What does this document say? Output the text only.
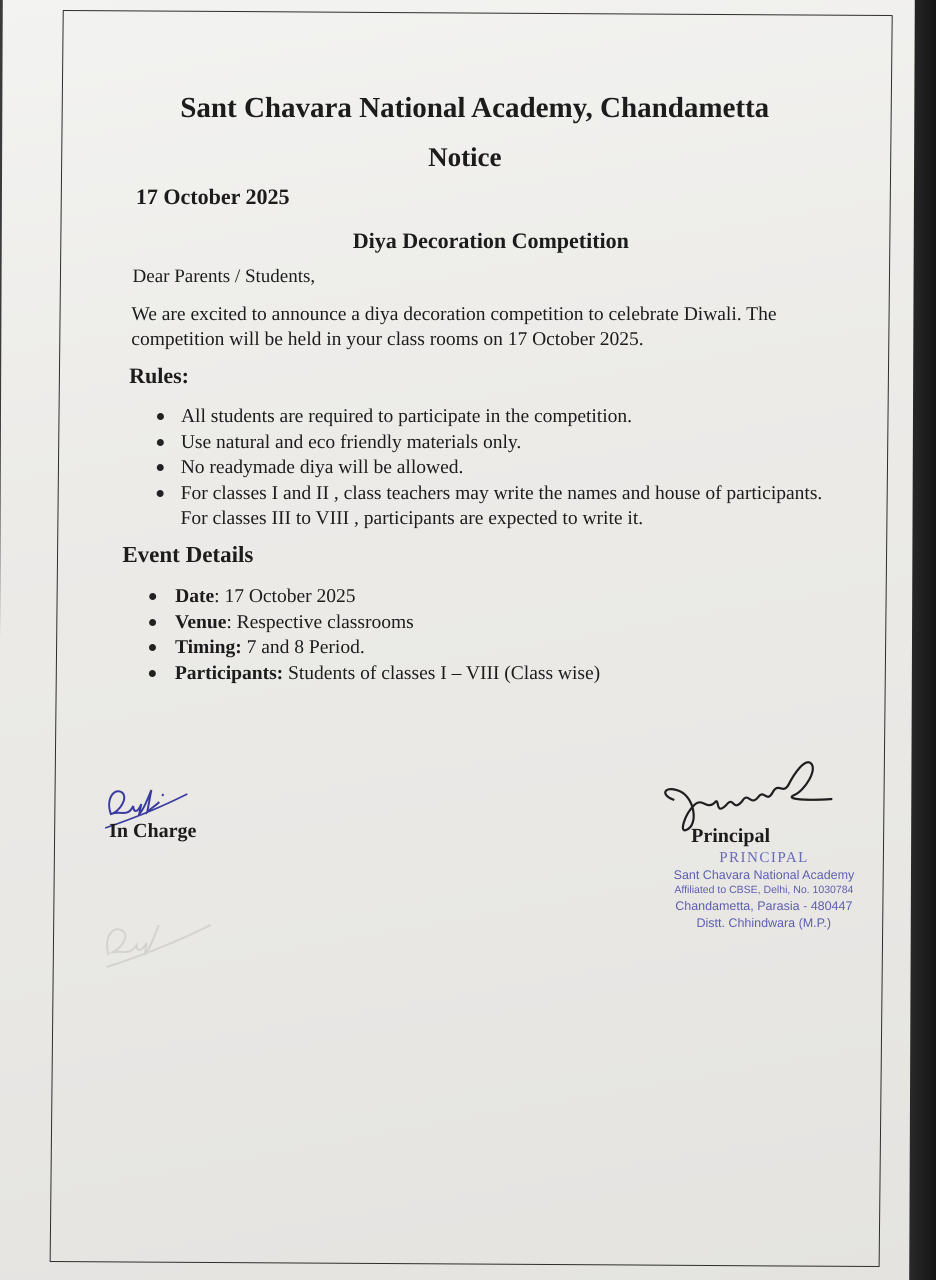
Sant Chavara National Academy, Chandametta
Notice
17 October 2025
Diya Decoration Competition
Dear Parents / Students,
We are excited to announce a diya decoration competition to celebrate Diwali. The competition will be held in your class rooms on 17 October 2025.
Rules:
All students are required to participate in the competition.
Use natural and eco friendly materials only.
No readymade diya will be allowed.
For classes I and II , class teachers may write the names and house of participants. For classes III to VIII , participants are expected to write it.
Event Details
Date: 17 October 2025
Venue: Respective classrooms
Timing: 7 and 8 Period.
Participants: Students of classes I – VIII (Class wise)
In Charge	Principal
PRINCIPAL
Sant Chavara National Academy
Affiliated to CBSE, Delhi, No. 1030784
Chandametta, Parasia - 480447
Distt. Chhindwara (M.P.)
